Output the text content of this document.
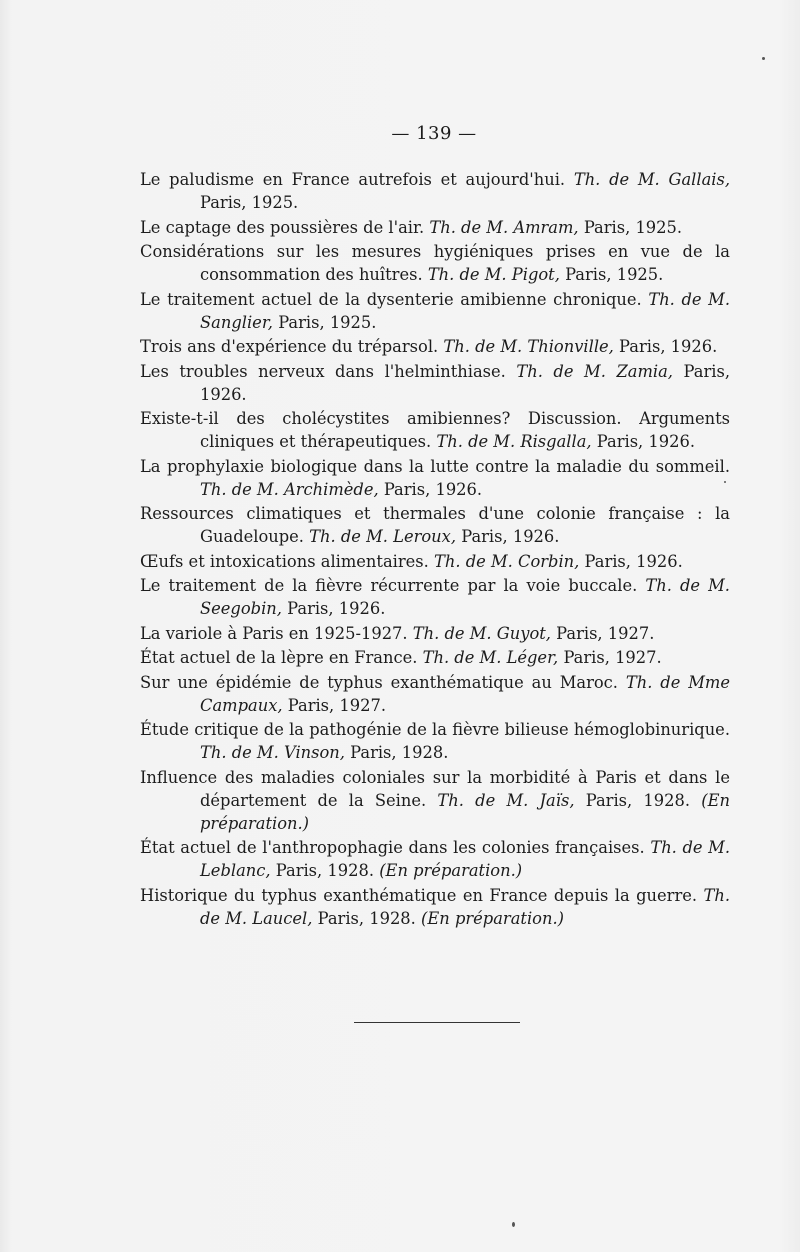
— 139 —
Le paludisme en France autrefois et aujourd'hui. Th. de M. Gallais, Paris, 1925.
Le captage des poussières de l'air. Th. de M. Amram, Paris, 1925.
Considérations sur les mesures hygiéniques prises en vue de la consommation des huîtres. Th. de M. Pigot, Paris, 1925.
Le traitement actuel de la dysenterie amibienne chronique. Th. de M. Sanglier, Paris, 1925.
Trois ans d'expérience du tréparsol. Th. de M. Thionville, Paris, 1926.
Les troubles nerveux dans l'helminthiase. Th. de M. Zamia, Paris, 1926.
Existe-t-il des cholécystites amibiennes? Discussion. Arguments cliniques et thérapeutiques. Th. de M. Risgalla, Paris, 1926.
La prophylaxie biologique dans la lutte contre la maladie du sommeil. Th. de M. Archimède, Paris, 1926.
Ressources climatiques et thermales d'une colonie française : la Guadeloupe. Th. de M. Leroux, Paris, 1926.
Œufs et intoxications alimentaires. Th. de M. Corbin, Paris, 1926.
Le traitement de la fièvre récurrente par la voie buccale. Th. de M. Seegobin, Paris, 1926.
La variole à Paris en 1925-1927. Th. de M. Guyot, Paris, 1927.
État actuel de la lèpre en France. Th. de M. Léger, Paris, 1927.
Sur une épidémie de typhus exanthématique au Maroc. Th. de Mme Campaux, Paris, 1927.
Étude critique de la pathogénie de la fièvre bilieuse hémoglobinurique. Th. de M. Vinson, Paris, 1928.
Influence des maladies coloniales sur la morbidité à Paris et dans le département de la Seine. Th. de M. Jaïs, Paris, 1928. (En préparation.)
État actuel de l'anthropophagie dans les colonies françaises. Th. de M. Leblanc, Paris, 1928. (En préparation.)
Historique du typhus exanthématique en France depuis la guerre. Th. de M. Laucel, Paris, 1928. (En préparation.)
